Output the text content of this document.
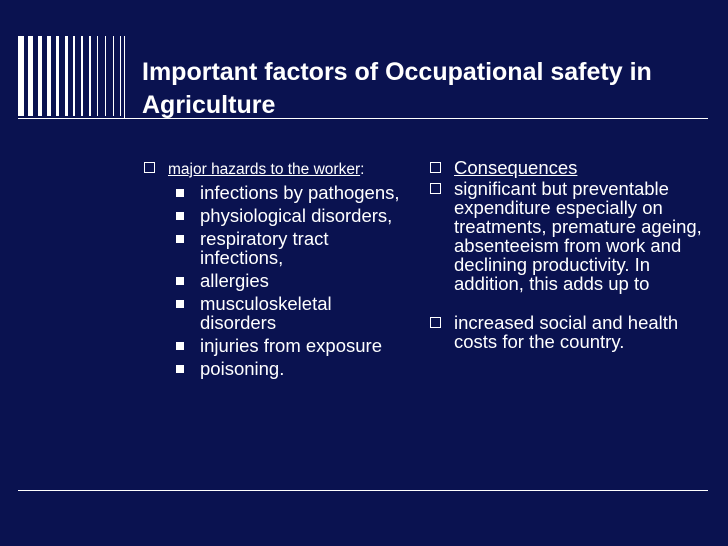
Important factors of Occupational safety in Agriculture
major hazards to the worker:
infections by pathogens,
physiological disorders,
respiratory tract infections,
allergies
musculoskeletal disorders
injuries from exposure
poisoning.
Consequences
significant but preventable expenditure especially on treatments, premature ageing, absenteeism from work and declining productivity. In addition, this adds up to
increased social and health costs for the country.
